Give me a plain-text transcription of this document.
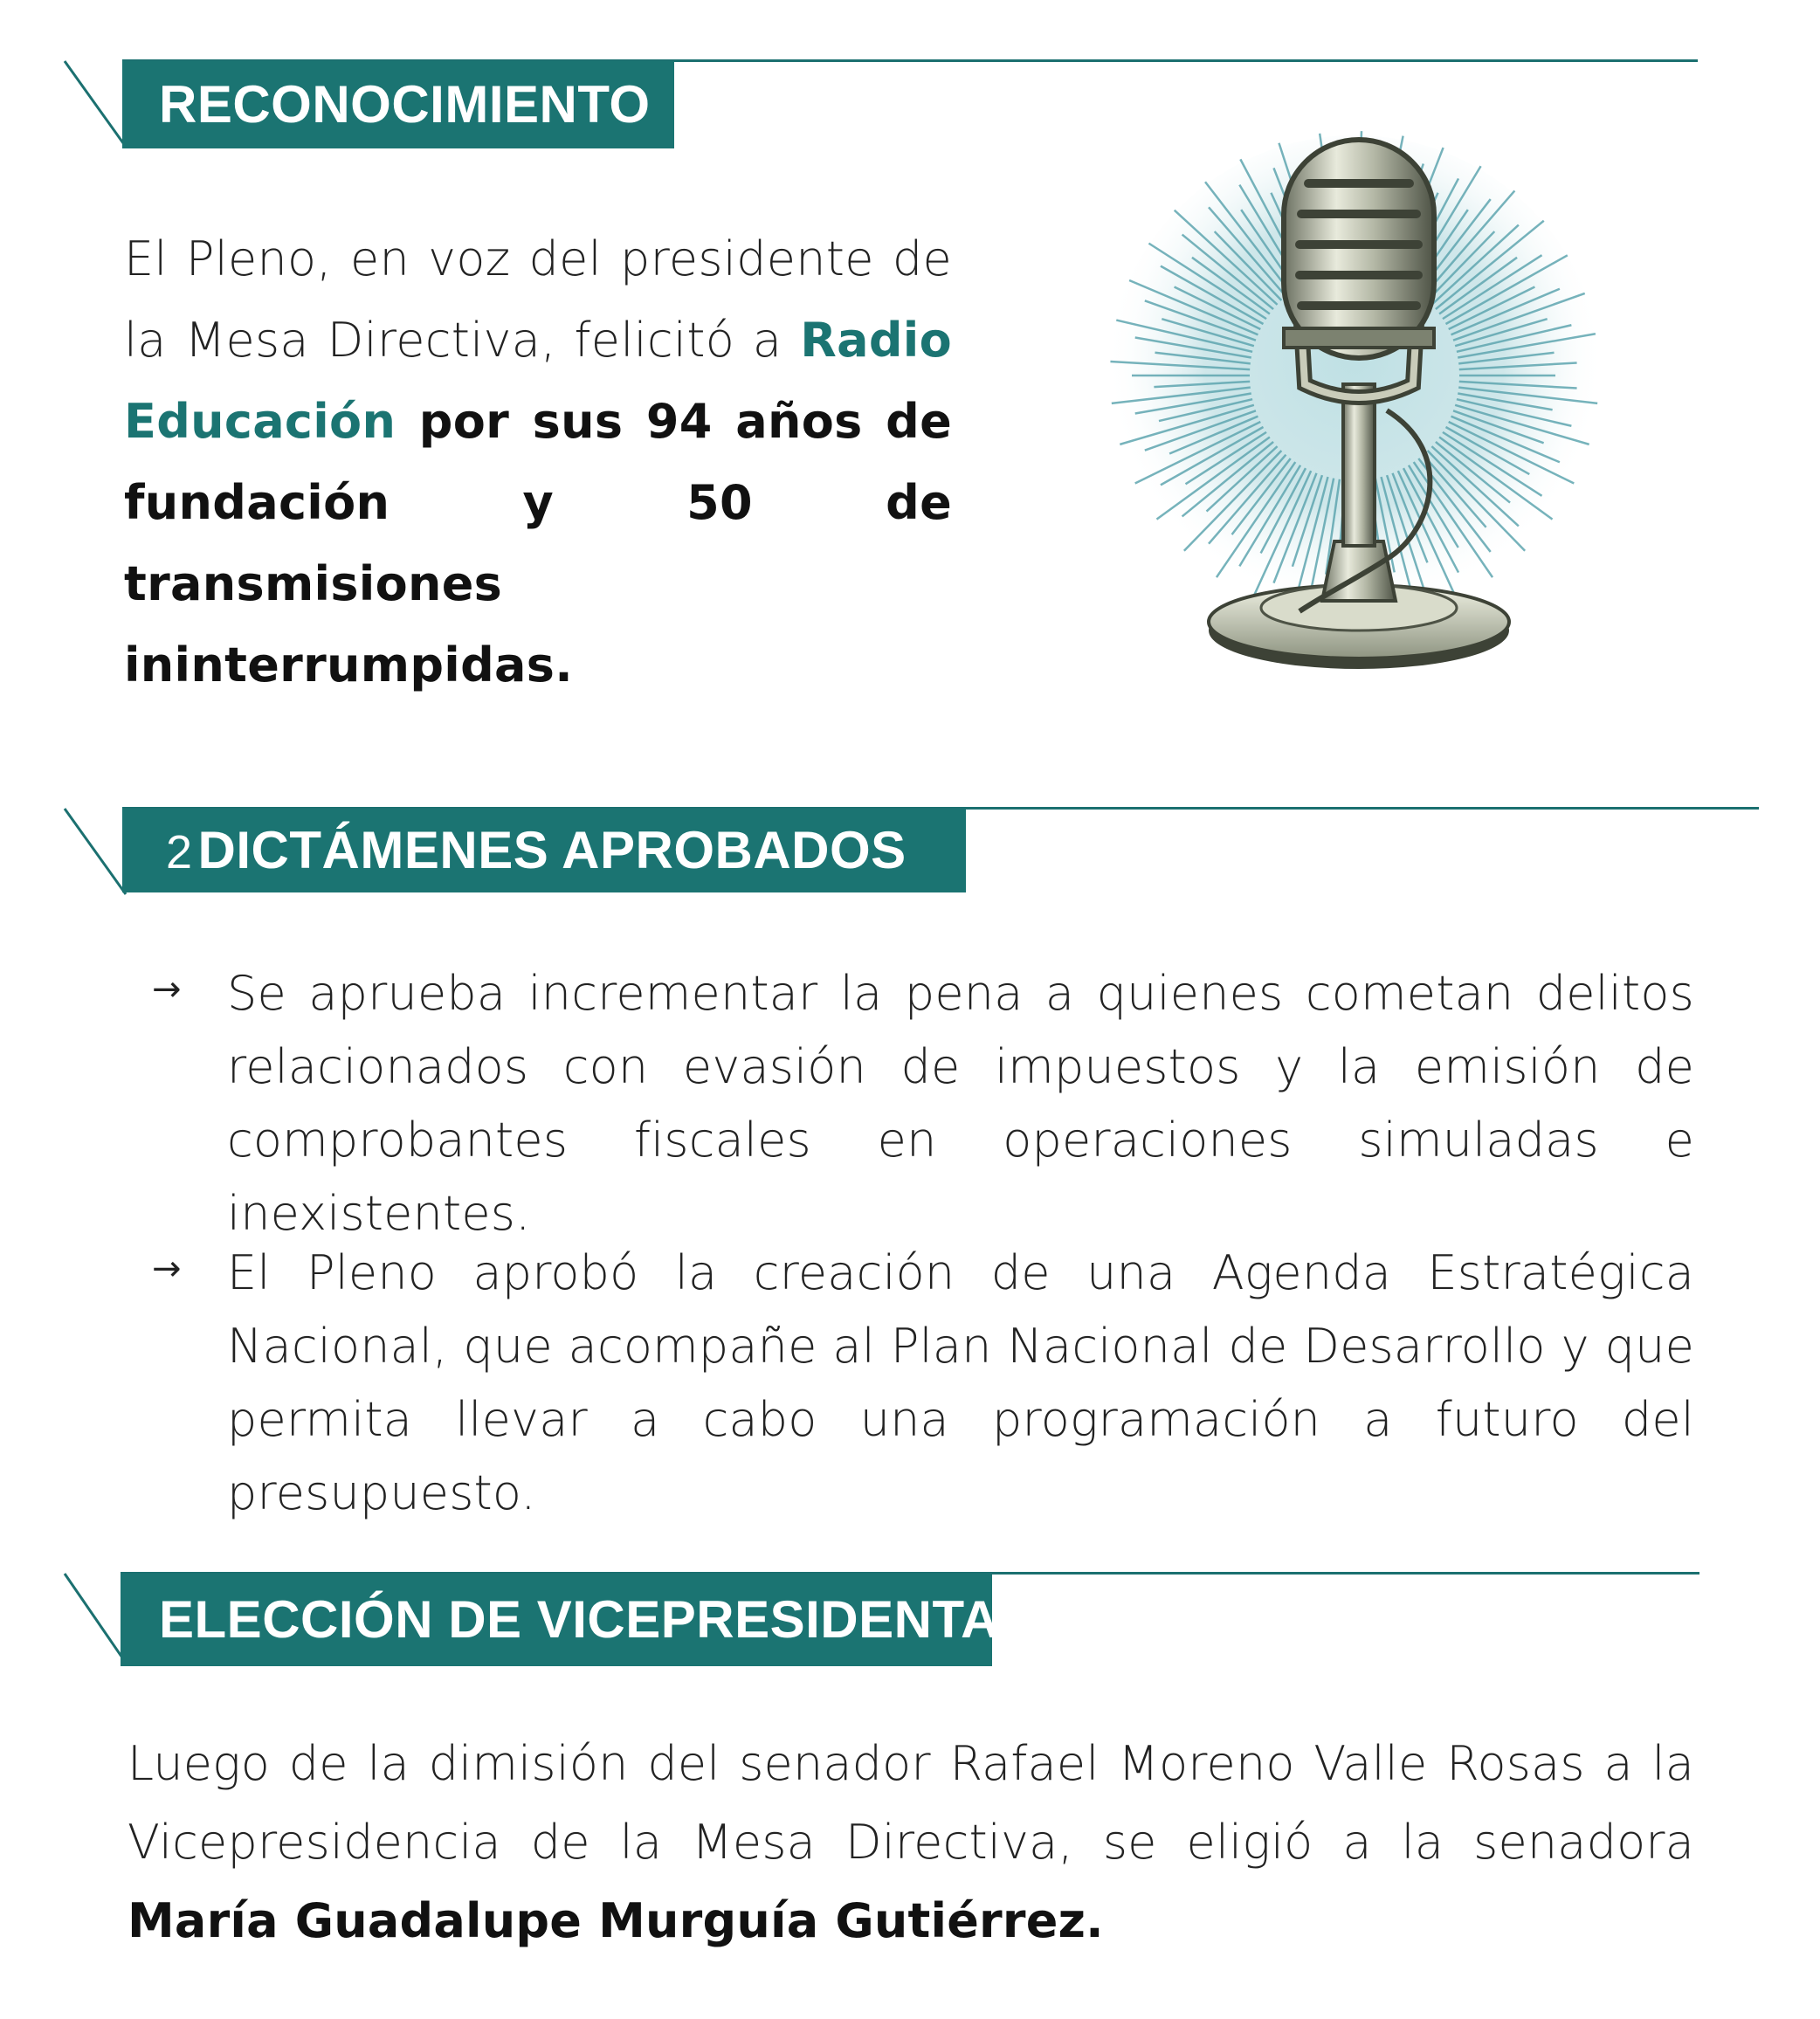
RECONOCIMIENTO

El Pleno, en voz del presidente de la Mesa Directiva, felicitó a Radio Educación por sus 94 años de fundación y 50 de transmisiones ininterrumpidas.

2 DICTÁMENES APROBADOS
→ Se aprueba incrementar la pena a quienes cometan delitos relacionados con evasión de impuestos y la emisión de comprobantes fiscales en operaciones simuladas e inexistentes.

→ El Pleno aprobó la creación de una Agenda Estratégica Nacional, que acompañe al Plan Nacional de Desarrollo y que permita llevar a cabo una programación a futuro del presupuesto.

ELECCIÓN DE VICEPRESIDENTA

Luego de la dimisión del senador Rafael Moreno Valle Rosas a la Vicepresidencia de la Mesa Directiva, se eligió a la senadora María Guadalupe Murguía Gutiérrez.
